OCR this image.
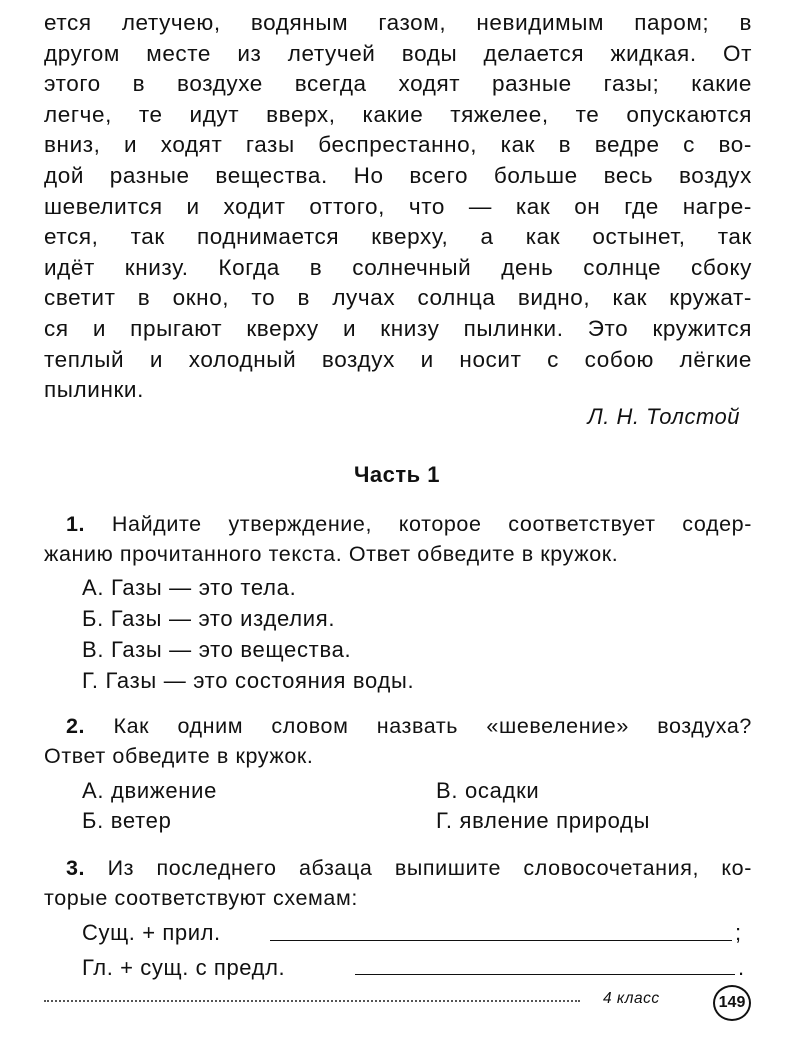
ется летучею, водяным газом, невидимым паром; в
другом месте из летучей воды делается жидкая. От
этого в воздухе всегда ходят разные газы; какие
легче, те идут вверх, какие тяжелее, те опускаются
вниз, и ходят газы беспрестанно, как в ведре с во-
дой разные вещества. Но всего больше весь воздух
шевелится и ходит оттого, что — как он где нагре-
ется, так поднимается кверху, а как остынет, так
идёт книзу. Когда в солнечный день солнце сбоку
светит в окно, то в лучах солнца видно, как кружат-
ся и прыгают кверху и книзу пылинки. Это кружится
теплый и холодный воздух и носит с собою лёгкие
пылинки.
Л. Н. Толстой
Часть 1
1. Найдите утверждение, которое соответствует содер-
жанию прочитанного текста. Ответ обведите в кружок.
А. Газы — это тела.
Б. Газы — это изделия.
В. Газы — это вещества.
Г. Газы — это состояния воды.
2. Как одним словом назвать «шевеление» воздуха?
Ответ обведите в кружок.
А. движение
Б. ветер
В. осадки
Г. явление природы
3. Из последнего абзаца выпишите словосочетания, ко-
торые соответствуют схемам:
Сущ. + прил.	;
Гл. + сущ. с предл.	.
4 класс	149
